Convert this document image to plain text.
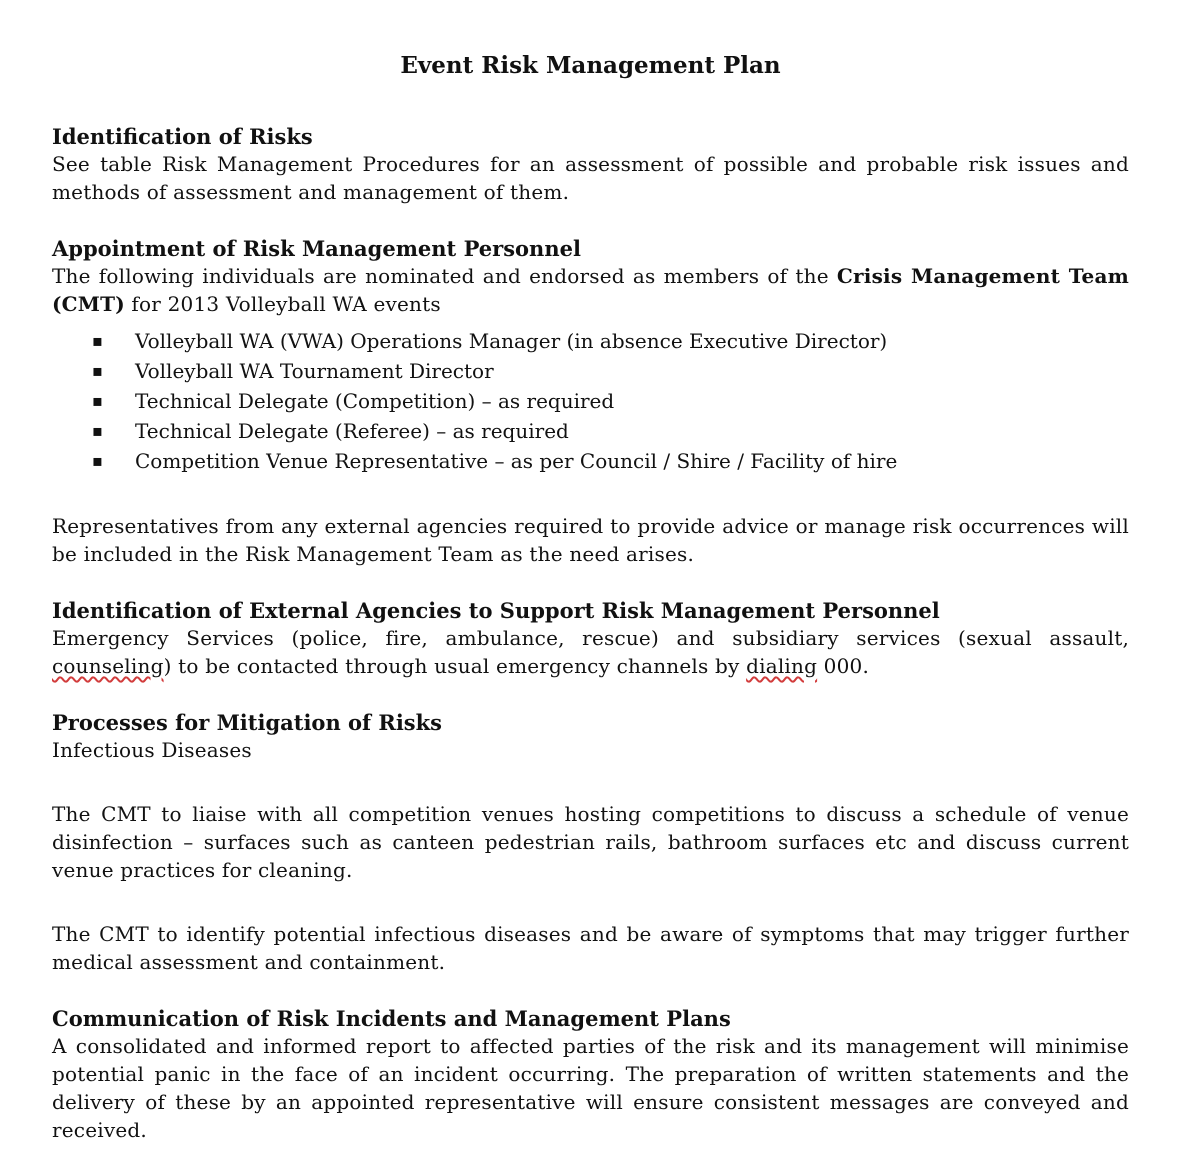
Event Risk Management Plan

Identification of Risks

See table Risk Management Procedures for an assessment of possible and probable risk issues and methods of assessment and management of them.

Appointment of Risk Management Personnel

The following individuals are nominated and endorsed as members of the Crisis Management Team (CMT) for 2013 Volleyball WA events

▪ Volleyball WA (VWA) Operations Manager (in absence Executive Director)
▪ Volleyball WA Tournament Director
▪ Technical Delegate (Competition) – as required
▪ Technical Delegate (Referee) – as required
▪ Competition Venue Representative – as per Council / Shire / Facility of hire

Representatives from any external agencies required to provide advice or manage risk occurrences will be included in the Risk Management Team as the need arises.

Identification of External Agencies to Support Risk Management Personnel

Emergency Services (police, fire, ambulance, rescue) and subsidiary services (sexual assault, counseling) to be contacted through usual emergency channels by dialing 000.

Processes for Mitigation of Risks

Infectious Diseases

The CMT to liaise with all competition venues hosting competitions to discuss a schedule of venue disinfection – surfaces such as canteen pedestrian rails, bathroom surfaces etc and discuss current venue practices for cleaning.

The CMT to identify potential infectious diseases and be aware of symptoms that may trigger further medical assessment and containment.

Communication of Risk Incidents and Management Plans

A consolidated and informed report to affected parties of the risk and its management will minimise potential panic in the face of an incident occurring. The preparation of written statements and the delivery of these by an appointed representative will ensure consistent messages are conveyed and received.
